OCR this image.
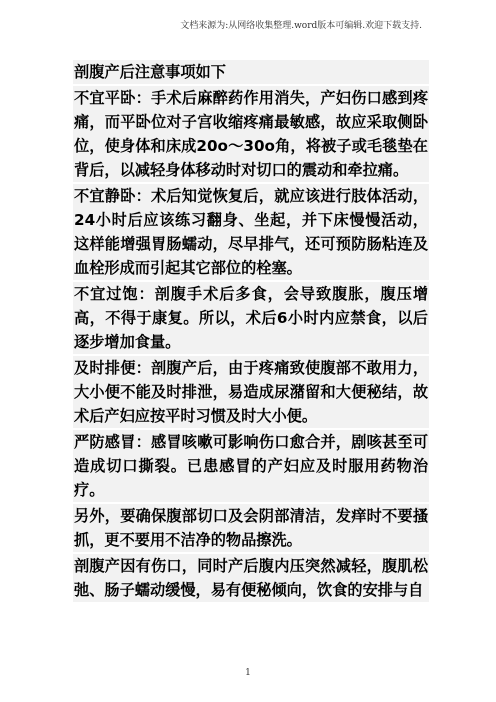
文档来源为:从网络收集整理.word版本可编辑.欢迎下载支持.
剖腹产后注意事项如下
不宜平卧：手术后麻醉药作用消失，产妇伤口感到疼痛，而平卧位对子宫收缩疼痛最敏感，故应采取侧卧位，使身体和床成20o～30o角，将被子或毛毯垫在背后，以减轻身体移动时对切口的震动和牵拉痛。
不宜静卧：术后知觉恢复后，就应该进行肢体活动，24小时后应该练习翻身、坐起，并下床慢慢活动，这样能增强胃肠蠕动，尽早排气，还可预防肠粘连及血栓形成而引起其它部位的栓塞。
不宜过饱：剖腹手术后多食，会导致腹胀，腹压增高，不得于康复。所以，术后6小时内应禁食，以后逐步增加食量。
及时排便：剖腹产后，由于疼痛致使腹部不敢用力，大小便不能及时排泄，易造成尿潴留和大便秘结，故术后产妇应按平时习惯及时大小便。
严防感冒：感冒咳嗽可影响伤口愈合并，剧咳甚至可造成切口撕裂。已患感冒的产妇应及时服用药物治疗。
另外，要确保腹部切口及会阴部清洁，发痒时不要搔抓，更不要用不洁净的物品擦洗。
剖腹产因有伤口，同时产后腹内压突然减轻，腹肌松弛、肠子蠕动缓慢，易有便秘倾向，饮食的安排与自
1
